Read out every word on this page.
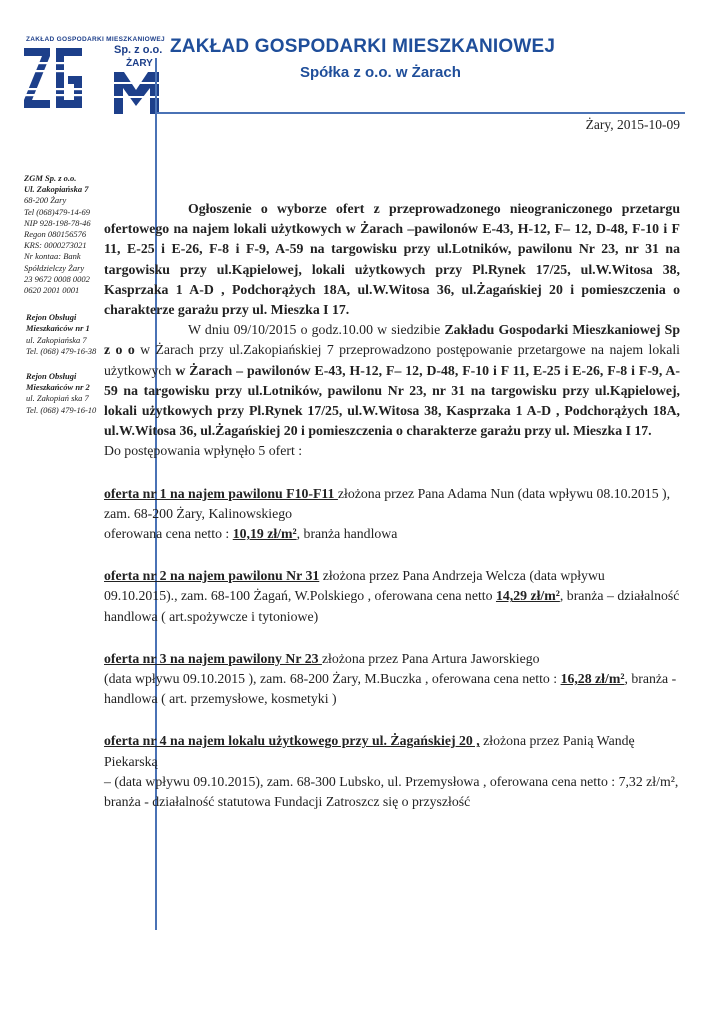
ZAKŁAD GOSPODARKI MIESZKANIOWEJ
Sp. z o.o.
ŻARY
ZAKŁAD GOSPODARKI MIESZKANIOWEJ
Spółka z o.o. w Żarach
Żary, 2015-10-09
ZGM Sp. z o.o.
Ul. Zakopiańska 7
68-200 Żary
Tel (068)479-14-69
NIP 928-198-78-46
Regon 080156576
KRS: 0000273021
Nr kontaa: Bank
Spółdzielczy Żary
23 9672 0008 0002
0620 2001 0001
Rejon Obsługi
Mieszkańców nr 1
ul. Zakopiańska 7
Tel. (068) 479-16-38
Rejon Obsługi
Mieszkańców nr 2
ul. Zakopiań ska 7
Tel. (068) 479-16-10

Ogłoszenie o wyborze ofert z przeprowadzonego nieograniczonego przetargu ofertowego na najem lokali użytkowych w Żarach –pawilonów E-43, H-12, F– 12, D-48, F-10 i F 11, E-25 i E-26, F-8 i F-9, A-59 na targowisku przy ul.Lotników, pawilonu Nr 23, nr 31 na targowisku przy ul.Kąpielowej, lokali użytkowych przy Pl.Rynek 17/25, ul.W.Witosa 38, Kasprzaka 1 A-D , Podchorążych 18A, ul.W.Witosa 36, ul.Żagańskiej 20 i pomieszczenia o charakterze garażu przy ul. Mieszka I 17.

W dniu 09/10/2015 o godz.10.00 w siedzibie Zakładu Gospodarki Mieszkaniowej Sp z o o w Żarach przy ul.Zakopiańskiej 7 przeprowadzono postępowanie przetargowe na najem lokali użytkowych w Żarach – pawilonów E-43, H-12, F– 12, D-48, F-10 i F 11, E-25 i E-26, F-8 i F-9, A-59 na targowisku przy ul.Lotników, pawilonu Nr 23, nr 31 na targowisku przy ul.Kąpielowej, lokali użytkowych przy Pl.Rynek 17/25, ul.W.Witosa 38, Kasprzaka 1 A-D , Podchorążych 18A, ul.W.Witosa 36, ul.Żagańskiej 20 i pomieszczenia o charakterze garażu przy ul. Mieszka I 17.

Do postępowania wpłynęło 5 ofert :

oferta nr 1 na najem pawilonu F10-F11 złożona przez Pana Adama Nun (data wpływu 08.10.2015 ), zam. 68-200 Żary, Kalinowskiego
oferowana cena netto : 10,19 zł/m², branża handlowa

oferta nr 2 na najem pawilonu Nr 31 złożona przez Pana Andrzeja Welcza (data wpływu 09.10.2015)., zam. 68-100 Żagań, W.Polskiego , oferowana cena netto 14,29 zł/m², branża – działalność handlowa ( art.spożywcze i tytoniowe)

oferta nr 3 na najem pawilony Nr 23 złożona przez Pana Artura Jaworskiego
(data wpływu 09.10.2015 ), zam. 68-200 Żary, M.Buczka , oferowana cena netto : 16,28 zł/m², branża - handlowa ( art. przemysłowe, kosmetyki )

oferta nr 4 na najem lokalu użytkowego przy ul. Żagańskiej 20 , złożona przez Panią Wandę Piekarską
– (data wpływu 09.10.2015), zam. 68-300 Lubsko, ul. Przemysłowa , oferowana cena netto : 7,32 zł/m², branża - działalność statutowa Fundacji Zatroszcz się o przyszłość
